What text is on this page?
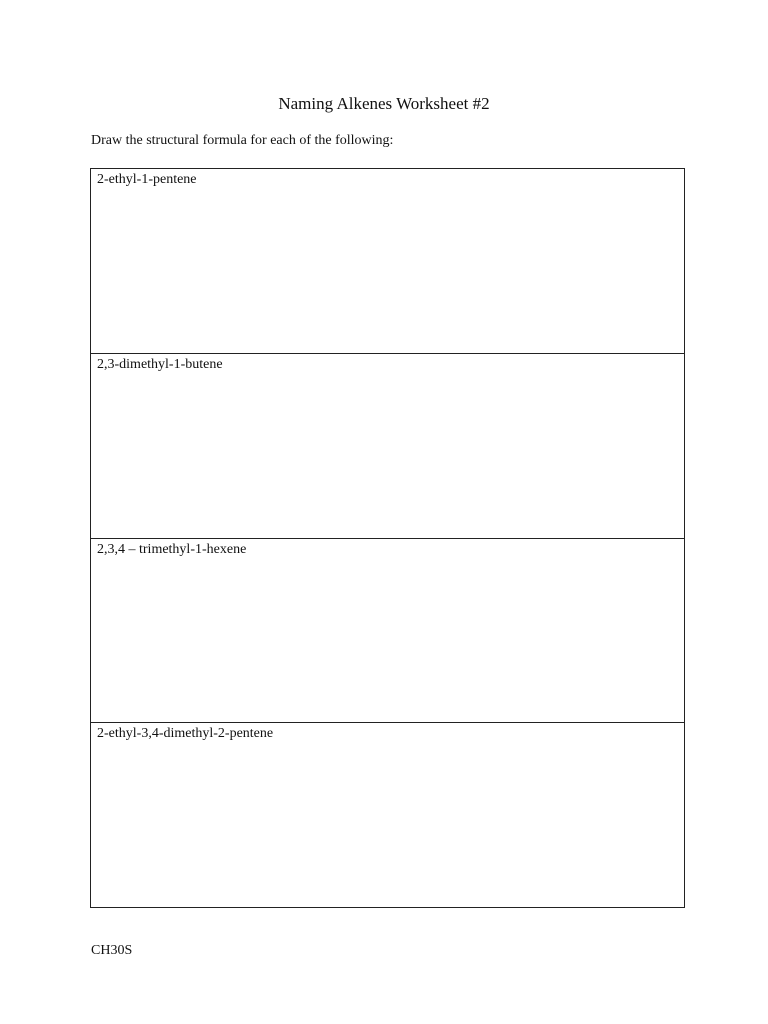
Naming Alkenes Worksheet #2
Draw the structural formula for each of the following:
2-ethyl-1-pentene
2,3-dimethyl-1-butene
2,3,4 – trimethyl-1-hexene
2-ethyl-3,4-dimethyl-2-pentene
CH30S
